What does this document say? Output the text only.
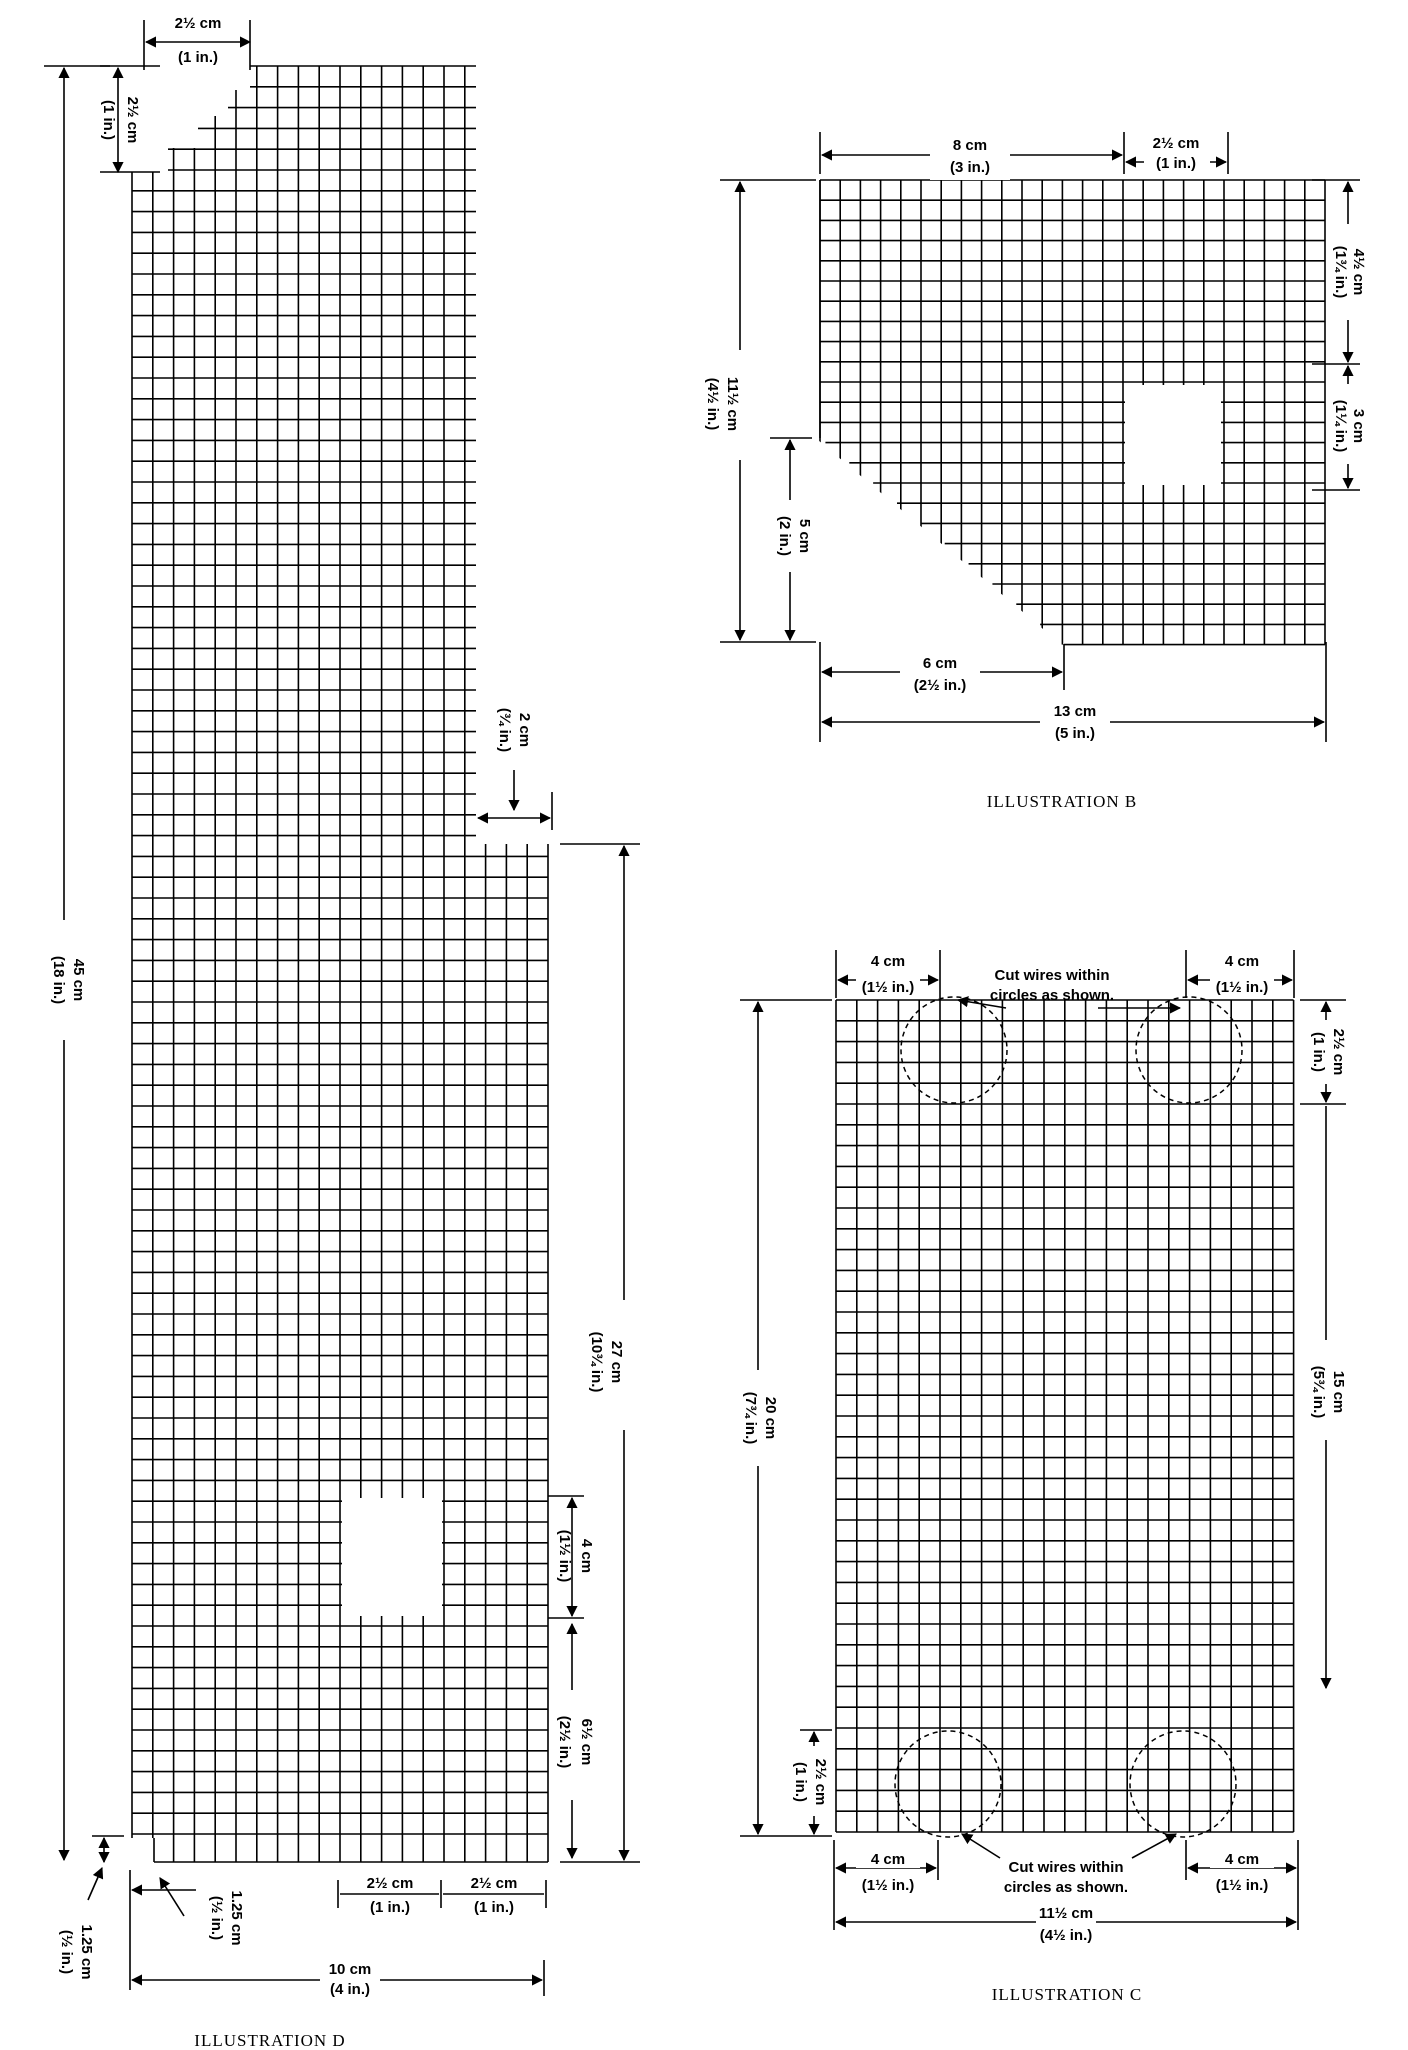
2½ cm
(1 in.)
2½ cm
(1 in.)
45 cm
(18 in.)
2 cm
(¾ in.)
27 cm
(10¾ in.)
4 cm
(1½ in.)
6½ cm
(2½ in.)
1.25 cm
(½ in.)
1.25 cm
(½ in.)
2½ cm
(1 in.)
2½ cm
(1 in.)
10 cm
(4 in.)
ILLUSTRATION D
8 cm
(3 in.)
2½ cm
(1 in.)
4½ cm
(1¾ in.)
3 cm
(1¼ in.)
11½ cm
(4½ in.)
5 cm
(2 in.)
6 cm
(2½ in.)
13 cm
(5 in.)
ILLUSTRATION B
Cut wires within
circles as shown.
4 cm
(1½ in.)
4 cm
(1½ in.)
2½ cm
(1 in.)
15 cm
(5¾ in.)
20 cm
(7¾ in.)
2½ cm
(1 in.)
4 cm
(1½ in.)
4 cm
(1½ in.)
Cut wires within
circles as shown.
11½ cm
(4½ in.)
ILLUSTRATION C
